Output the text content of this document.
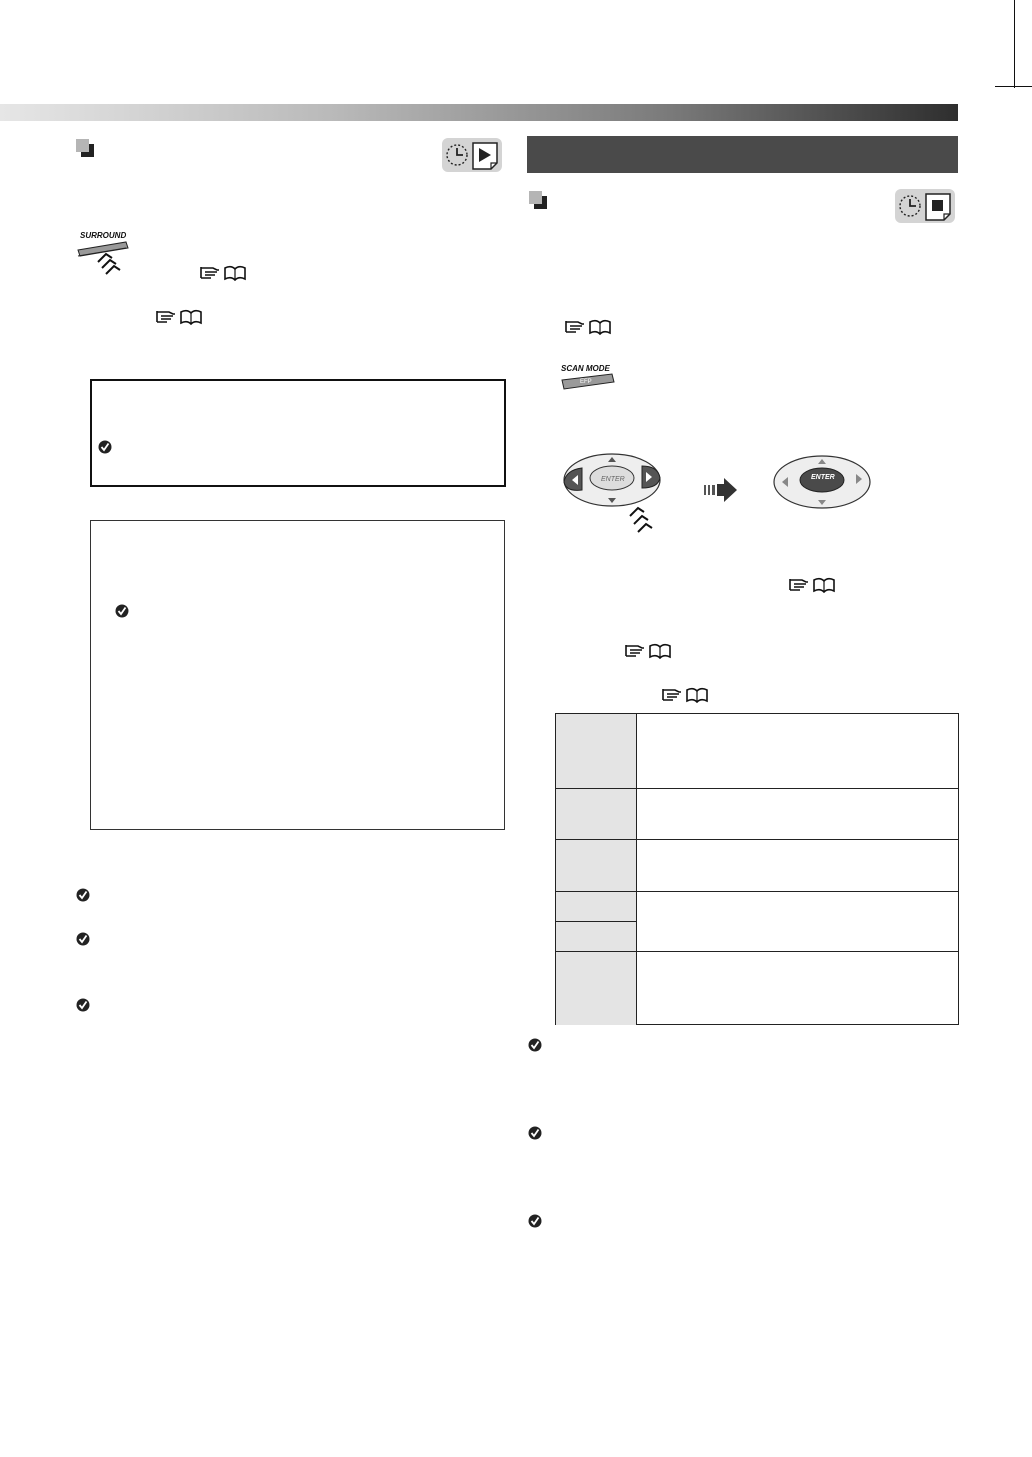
SURROUND
SCAN MODE
EFP
ENTER	ENTER
